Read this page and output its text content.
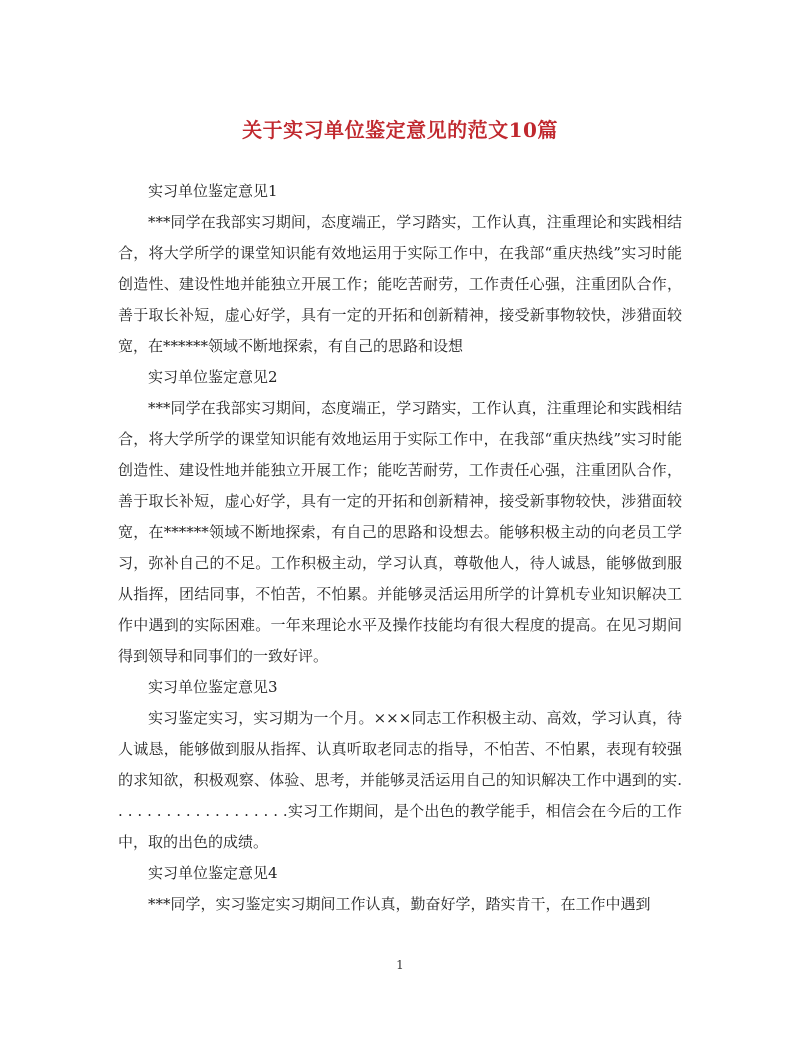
关于实习单位鉴定意见的范文10篇

实习单位鉴定意见1

***同学在我部实习期间，态度端正，学习踏实，工作认真，注重理论和实践相结合，将大学所学的课堂知识能有效地运用于实际工作中，在我部“重庆热线”实习时能创造性、建设性地并能独立开展工作；能吃苦耐劳，工作责任心强，注重团队合作，善于取长补短，虚心好学，具有一定的开拓和创新精神，接受新事物较快，涉猎面较宽，在******领域不断地探索，有自己的思路和设想

实习单位鉴定意见2

***同学在我部实习期间，态度端正，学习踏实，工作认真，注重理论和实践相结合，将大学所学的课堂知识能有效地运用于实际工作中，在我部“重庆热线”实习时能创造性、建设性地并能独立开展工作；能吃苦耐劳，工作责任心强，注重团队合作，善于取长补短，虚心好学，具有一定的开拓和创新精神，接受新事物较快，涉猎面较宽，在******领域不断地探索，有自己的思路和设想去。能够积极主动的向老员工学习，弥补自己的不足。工作积极主动，学习认真，尊敬他人，待人诚恳，能够做到服从指挥，团结同事，不怕苦，不怕累。并能够灵活运用所学的计算机专业知识解决工作中遇到的实际困难。一年来理论水平及操作技能均有很大程度的提高。在见习期间得到领导和同事们的一致好评。

实习单位鉴定意见3

实习鉴定实习，实习期为一个月。×××同志工作积极主动、高效，学习认真，待人诚恳，能够做到服从指挥、认真听取老同志的指导，不怕苦、不怕累，表现有较强的求知欲，积极观察、体验、思考，并能够灵活运用自己的知识解决工作中遇到的实. . . . . . . . . . . . . . . . . . .实习工作期间，是个出色的教学能手，相信会在今后的工作中，取的出色的成绩。

实习单位鉴定意见4

***同学，实习鉴定实习期间工作认真，勤奋好学，踏实肯干，在工作中遇到

1
